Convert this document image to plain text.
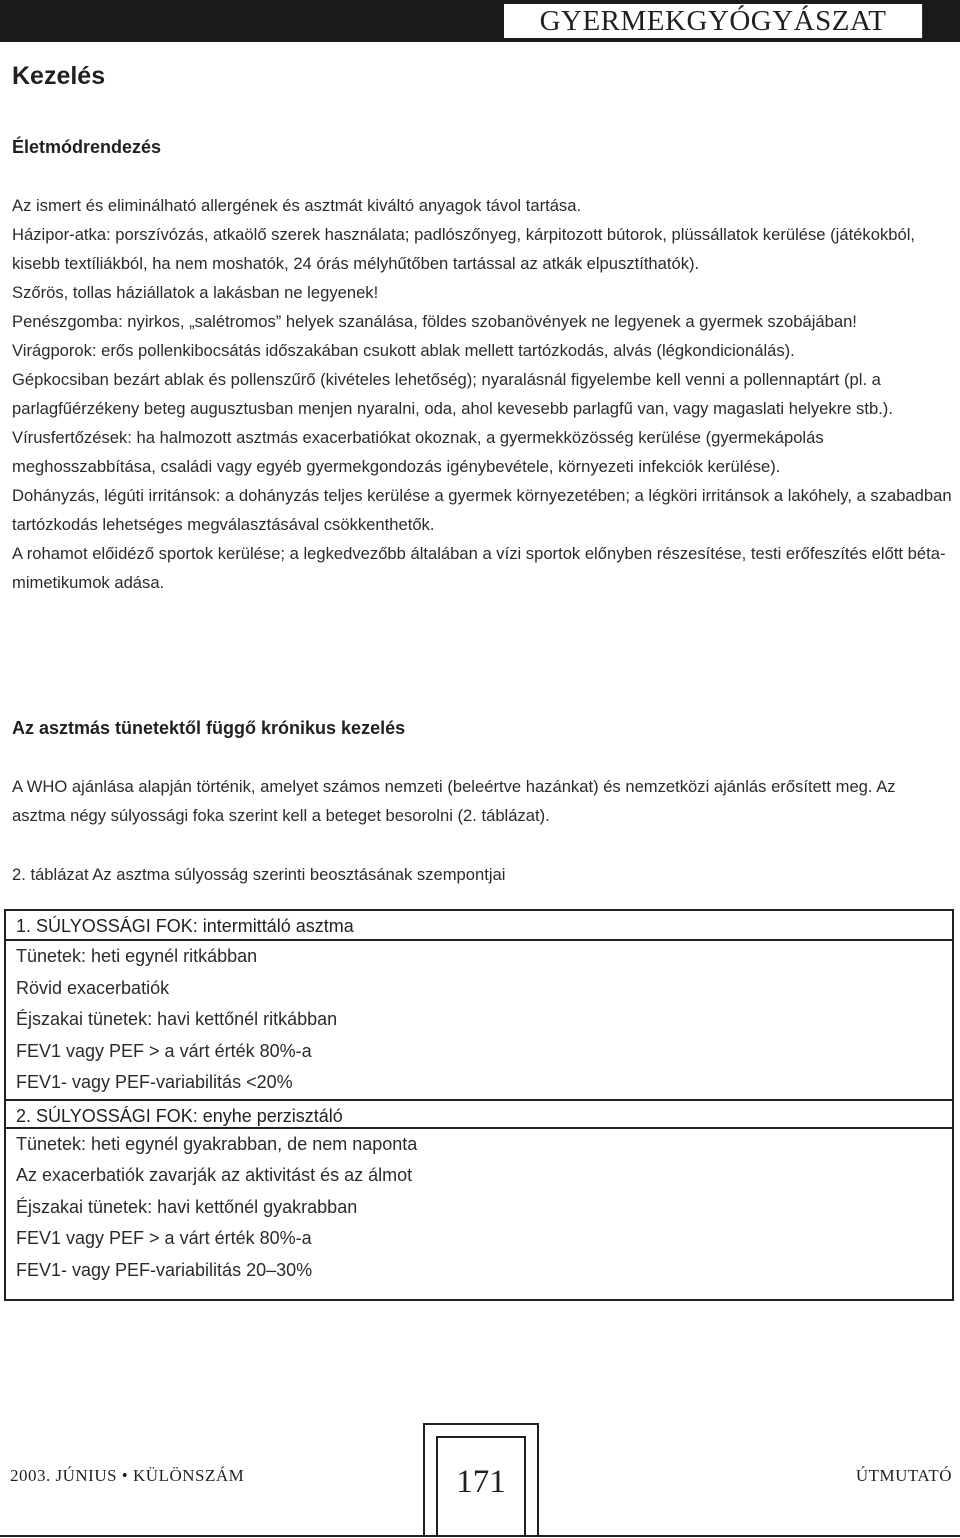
GYERMEKGYÓGYÁSZAT
Kezelés
Életmódrendezés

Az ismert és eliminálható allergének és asztmát kiváltó anyagok távol tartása.

Házipor-atka: porszívózás, atkaölő szerek használata; padlószőnyeg, kárpitozott bútorok, plüssállatok kerülése (játékokból, kisebb textíliákból, ha nem moshatók, 24 órás mélyhűtőben tartással az atkák elpusztíthatók).

Szőrös, tollas háziállatok a lakásban ne legyenek!

Penészgomba: nyirkos, „salétromos” helyek szanálása, földes szobanövények ne legyenek a gyermek szobájában!

Virágporok: erős pollenkibocsátás időszakában csukott ablak mellett tartózkodás, alvás (légkondicionálás).

Gépkocsiban bezárt ablak és pollenszűrő (kivételes lehetőség); nyaralásnál figyelembe kell venni a pollennaptárt (pl. a parlagfűérzékeny beteg augusztusban menjen nyaralni, oda, ahol kevesebb parlagfű van, vagy magaslati helyekre stb.).

Vírusfertőzések: ha halmozott asztmás exacerbatiókat okoznak, a gyermekközösség kerülése (gyermekápolás meghosszabbítása, családi vagy egyéb gyermekgondozás igénybevétele, környezeti infekciók kerülése).

Dohányzás, légúti irritánsok: a dohányzás teljes kerülése a gyermek környezetében; a légköri irritánsok a lakóhely, a szabadban tartózkodás lehetséges megválasztásával csökkenthetők.

A rohamot előidéző sportok kerülése; a legkedvezőbb általában a vízi sportok előnyben részesítése, testi erőfeszítés előtt béta-mimetikumok adása.

Az asztmás tünetektől függő krónikus kezelés

A WHO ajánlása alapján történik, amelyet számos nemzeti (beleértve hazánkat) és nemzetközi ajánlás erősített meg. Az asztma négy súlyossági foka szerint kell a beteget besorolni (2. táblázat).

2. táblázat Az asztma súlyosság szerinti beosztásának szempontjai
1. SÚLYOSSÁGI FOK: intermittáló asztma
Tünetek: heti egynél ritkábban
Rövid exacerbatiók
Éjszakai tünetek: havi kettőnél ritkábban
FEV1 vagy PEF > a várt érték 80%-a
FEV1- vagy PEF-variabilitás <20%
2. SÚLYOSSÁGI FOK: enyhe perzisztáló
Tünetek: heti egynél gyakrabban, de nem naponta
Az exacerbatiók zavarják az aktivitást és az álmot
Éjszakai tünetek: havi kettőnél gyakrabban
FEV1 vagy PEF > a várt érték 80%-a
FEV1- vagy PEF-variabilitás 20–30%
171
2003. JÚNIUS • KÜLÖNSZÁM	ÚTMUTATÓ
